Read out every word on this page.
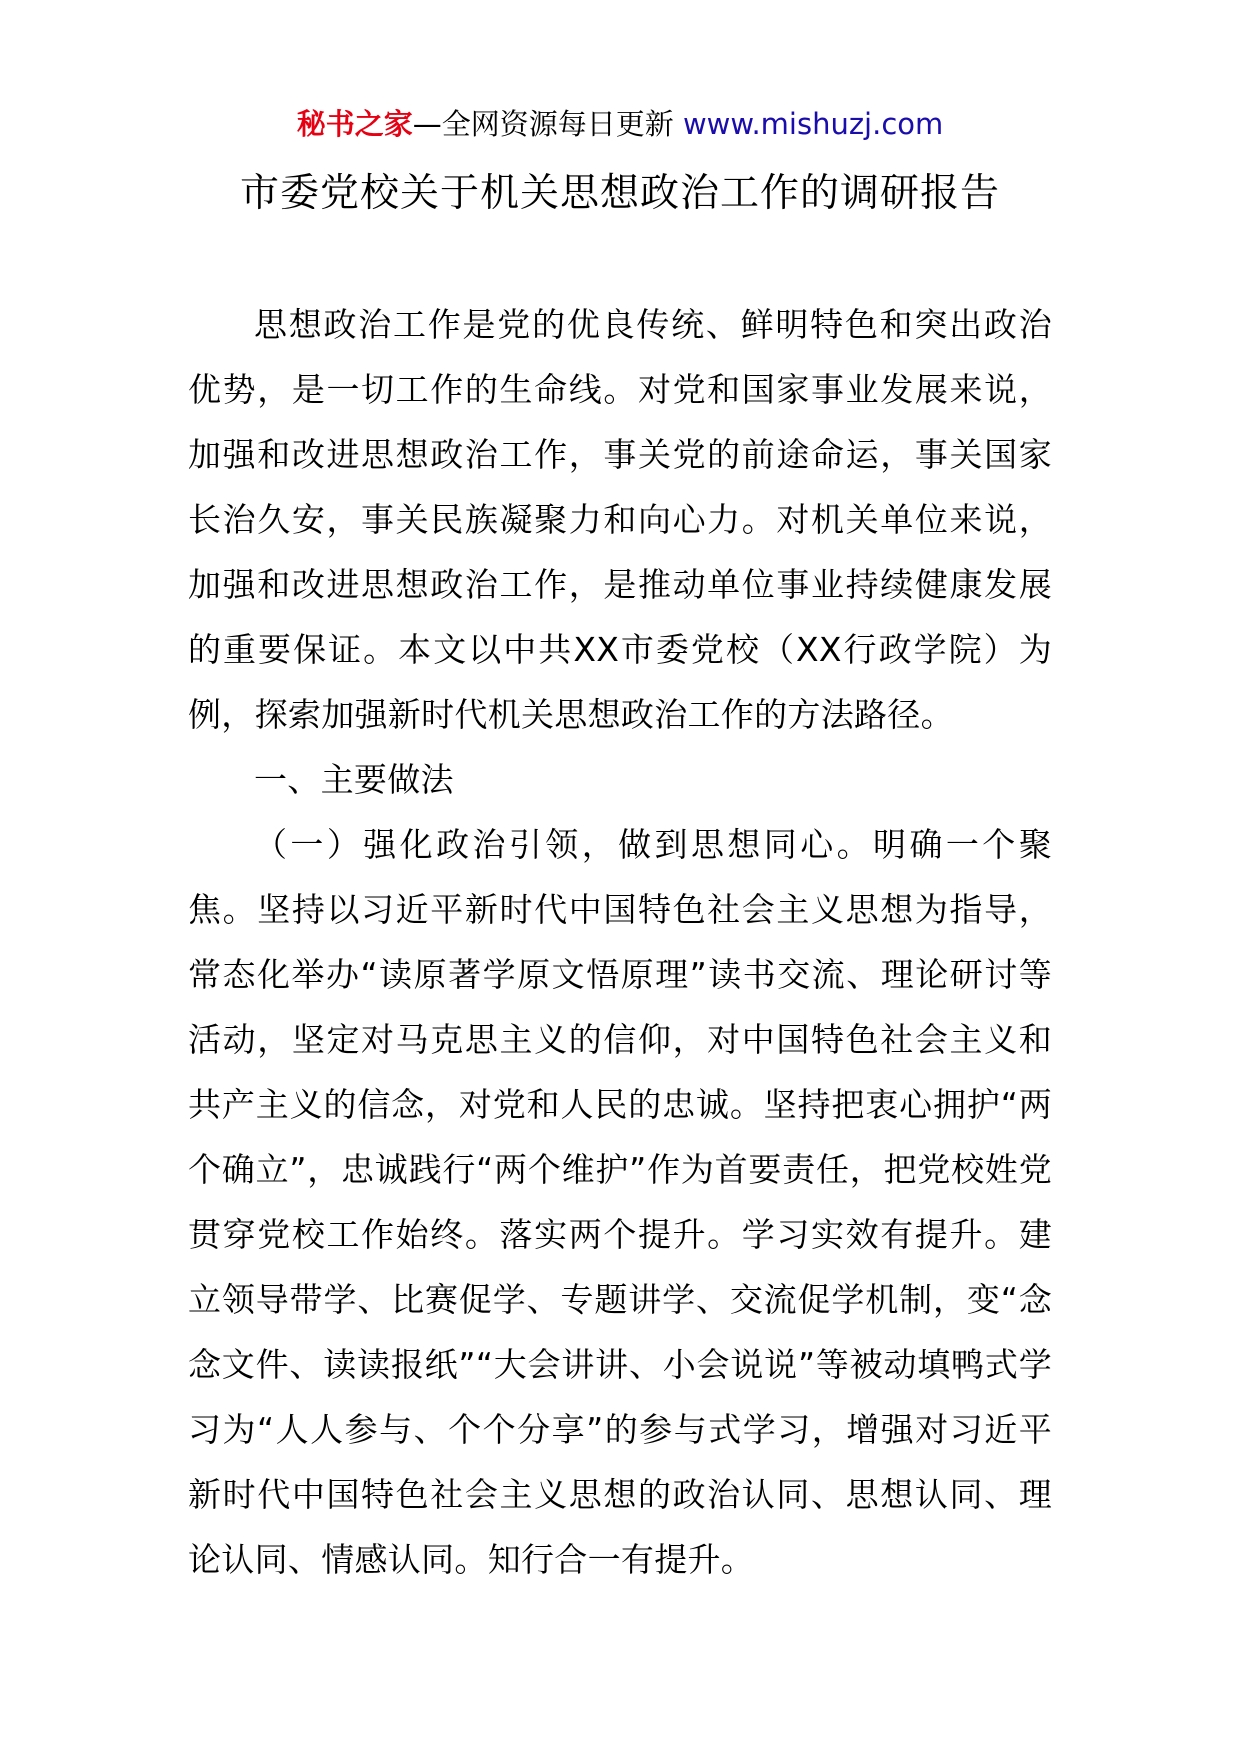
秘书之家—全网资源每日更新 www.mishuzj.com
市委党校关于机关思想政治工作的调研报告

思想政治工作是党的优良传统、鲜明特色和突出政治优势，是一切工作的生命线。对党和国家事业发展来说，加强和改进思想政治工作，事关党的前途命运，事关国家长治久安，事关民族凝聚力和向心力。对机关单位来说，加强和改进思想政治工作，是推动单位事业持续健康发展的重要保证。本文以中共XX市委党校（XX行政学院）为例，探索加强新时代机关思想政治工作的方法路径。

一、主要做法

（一）强化政治引领，做到思想同心。明确一个聚焦。坚持以习近平新时代中国特色社会主义思想为指导，常态化举办“读原著学原文悟原理”读书交流、理论研讨等活动，坚定对马克思主义的信仰，对中国特色社会主义和共产主义的信念，对党和人民的忠诚。坚持把衷心拥护“两个确立”，忠诚践行“两个维护”作为首要责任，把党校姓党贯穿党校工作始终。落实两个提升。学习实效有提升。建立领导带学、比赛促学、专题讲学、交流促学机制，变“念念文件、读读报纸”“大会讲讲、小会说说”等被动填鸭式学习为“人人参与、个个分享”的参与式学习，增强对习近平新时代中国特色社会主义思想的政治认同、思想认同、理论认同、情感认同。知行合一有提升。
